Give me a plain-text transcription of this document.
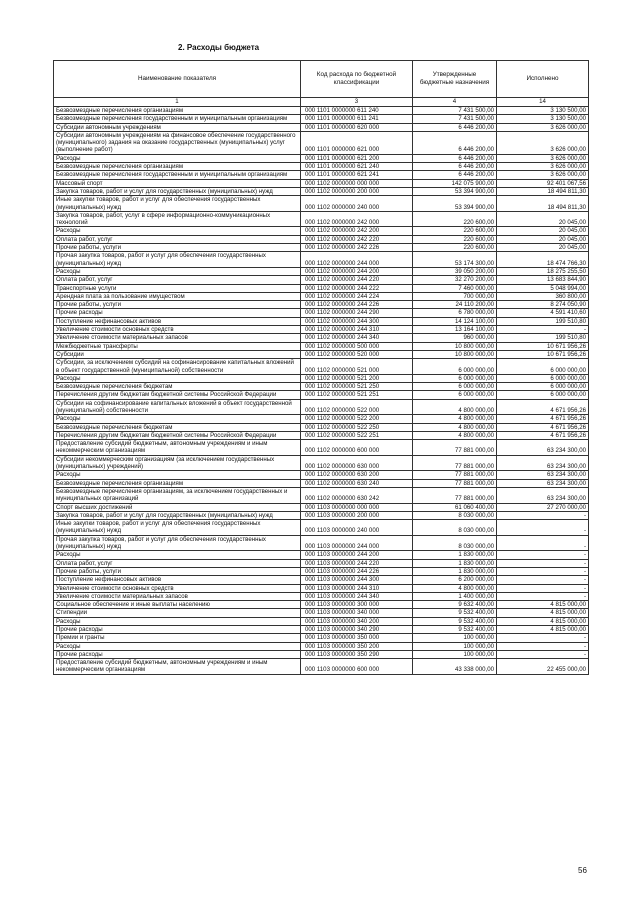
2. Расходы бюджета
Наименование показателя	Код расхода по бюджетной классификации	Утвержденные бюджетные назначения	Исполнено
1	3	4	14
Безвозмездные перечисления организациям	000 1101 0000000 611 240	7 431 500,00	3 130 500,00
Безвозмездные перечисления государственным и муниципальным организациям	000 1101 0000000 611 241	7 431 500,00	3 130 500,00
Субсидии автономным учреждениям	000 1101 0000000 620 000	6 446 200,00	3 626 000,00
Субсидии автономным учреждениям на финансовое обеспечение государственного (муниципального) задания на оказание государственных (муниципальных) услуг (выполнение работ)	000 1101 0000000 621 000	6 446 200,00	3 626 000,00
Расходы	000 1101 0000000 621 200	6 446 200,00	3 626 000,00
Безвозмездные перечисления организациям	000 1101 0000000 621 240	6 446 200,00	3 626 000,00
Безвозмездные перечисления государственным и муниципальным организациям	000 1101 0000000 621 241	6 446 200,00	3 626 000,00
Массовый спорт	000 1102 0000000 000 000	142 075 900,00	92 401 067,56
Закупка товаров, работ и услуг для государственных (муниципальных) нужд	000 1102 0000000 200 000	53 394 900,00	18 494 811,30
Иные закупки товаров, работ и услуг для обеспечения государственных (муниципальных) нужд	000 1102 0000000 240 000	53 394 900,00	18 494 811,30
Закупка товаров, работ, услуг в сфере информационно-коммуникационных технологий	000 1102 0000000 242 000	220 600,00	20 045,00
Расходы	000 1102 0000000 242 200	220 600,00	20 045,00
Оплата работ, услуг	000 1102 0000000 242 220	220 600,00	20 045,00
Прочие работы, услуги	000 1102 0000000 242 226	220 600,00	20 045,00
Прочая закупка товаров, работ и услуг для обеспечения государственных (муниципальных) нужд	000 1102 0000000 244 000	53 174 300,00	18 474 766,30
Расходы	000 1102 0000000 244 200	39 050 200,00	18 275 255,50
Оплата работ, услуг	000 1102 0000000 244 220	32 270 200,00	13 683 844,90
Транспортные услуги	000 1102 0000000 244 222	7 460 000,00	5 048 994,00
Арендная плата за пользование имуществом	000 1102 0000000 244 224	700 000,00	360 800,00
Прочие работы, услуги	000 1102 0000000 244 226	24 110 200,00	8 274 050,90
Прочие расходы	000 1102 0000000 244 290	6 780 000,00	4 591 410,60
Поступление нефинансовых активов	000 1102 0000000 244 300	14 124 100,00	199 510,80
Увеличение стоимости основных средств	000 1102 0000000 244 310	13 164 100,00	-
Увеличение стоимости материальных запасов	000 1102 0000000 244 340	960 000,00	199 510,80
Межбюджетные трансферты	000 1102 0000000 500 000	10 800 000,00	10 671 956,26
Субсидии	000 1102 0000000 520 000	10 800 000,00	10 671 956,26
Субсидии, за исключением субсидий на софинансирование капитальных вложений в объект государственной (муниципальной) собственности	000 1102 0000000 521 000	6 000 000,00	6 000 000,00
Расходы	000 1102 0000000 521 200	6 000 000,00	6 000 000,00
Безвозмездные перечисления бюджетам	000 1102 0000000 521 250	6 000 000,00	6 000 000,00
Перечисления другим бюджетам бюджетной системы Российской Федерации	000 1102 0000000 521 251	6 000 000,00	6 000 000,00
Субсидии на софинансирование капитальных вложений в объект государственной (муниципальной) собственности	000 1102 0000000 522 000	4 800 000,00	4 671 956,26
Расходы	000 1102 0000000 522 200	4 800 000,00	4 671 956,26
Безвозмездные перечисления бюджетам	000 1102 0000000 522 250	4 800 000,00	4 671 956,26
Перечисления другим бюджетам бюджетной системы Российской Федерации	000 1102 0000000 522 251	4 800 000,00	4 671 956,26
Предоставление субсидий бюджетным, автономным учреждениям и иным некоммерческим организациям	000 1102 0000000 600 000	77 881 000,00	63 234 300,00
Субсидии некоммерческим организациям (за исключением государственных (муниципальных) учреждений)	000 1102 0000000 630 000	77 881 000,00	63 234 300,00
Расходы	000 1102 0000000 630 200	77 881 000,00	63 234 300,00
Безвозмездные перечисления организациям	000 1102 0000000 630 240	77 881 000,00	63 234 300,00
Безвозмездные перечисления организациям, за исключением государственных и муниципальных организаций	000 1102 0000000 630 242	77 881 000,00	63 234 300,00
Спорт высших достижений	000 1103 0000000 000 000	61 060 400,00	27 270 000,00
Закупка товаров, работ и услуг для государственных (муниципальных) нужд	000 1103 0000000 200 000	8 030 000,00	-
Иные закупки товаров, работ и услуг для обеспечения государственных (муниципальных) нужд	000 1103 0000000 240 000	8 030 000,00	-
Прочая закупка товаров, работ и услуг для обеспечения государственных (муниципальных) нужд	000 1103 0000000 244 000	8 030 000,00	-
Расходы	000 1103 0000000 244 200	1 830 000,00	-
Оплата работ, услуг	000 1103 0000000 244 220	1 830 000,00	-
Прочие работы, услуги	000 1103 0000000 244 226	1 830 000,00	-
Поступление нефинансовых активов	000 1103 0000000 244 300	6 200 000,00	-
Увеличение стоимости основных средств	000 1103 0000000 244 310	4 800 000,00	-
Увеличение стоимости материальных запасов	000 1103 0000000 244 340	1 400 000,00	-
Социальное обеспечение и иные выплаты населению	000 1103 0000000 300 000	9 632 400,00	4 815 000,00
Стипендии	000 1103 0000000 340 000	9 532 400,00	4 815 000,00
Расходы	000 1103 0000000 340 200	9 532 400,00	4 815 000,00
Прочие расходы	000 1103 0000000 340 290	9 532 400,00	4 815 000,00
Премии и гранты	000 1103 0000000 350 000	100 000,00	-
Расходы	000 1103 0000000 350 200	100 000,00	-
Прочие расходы	000 1103 0000000 350 290	100 000,00	-
Предоставление субсидий бюджетным, автономным учреждениям и иным некоммерческим организациям	000 1103 0000000 600 000	43 338 000,00	22 455 000,00
56
